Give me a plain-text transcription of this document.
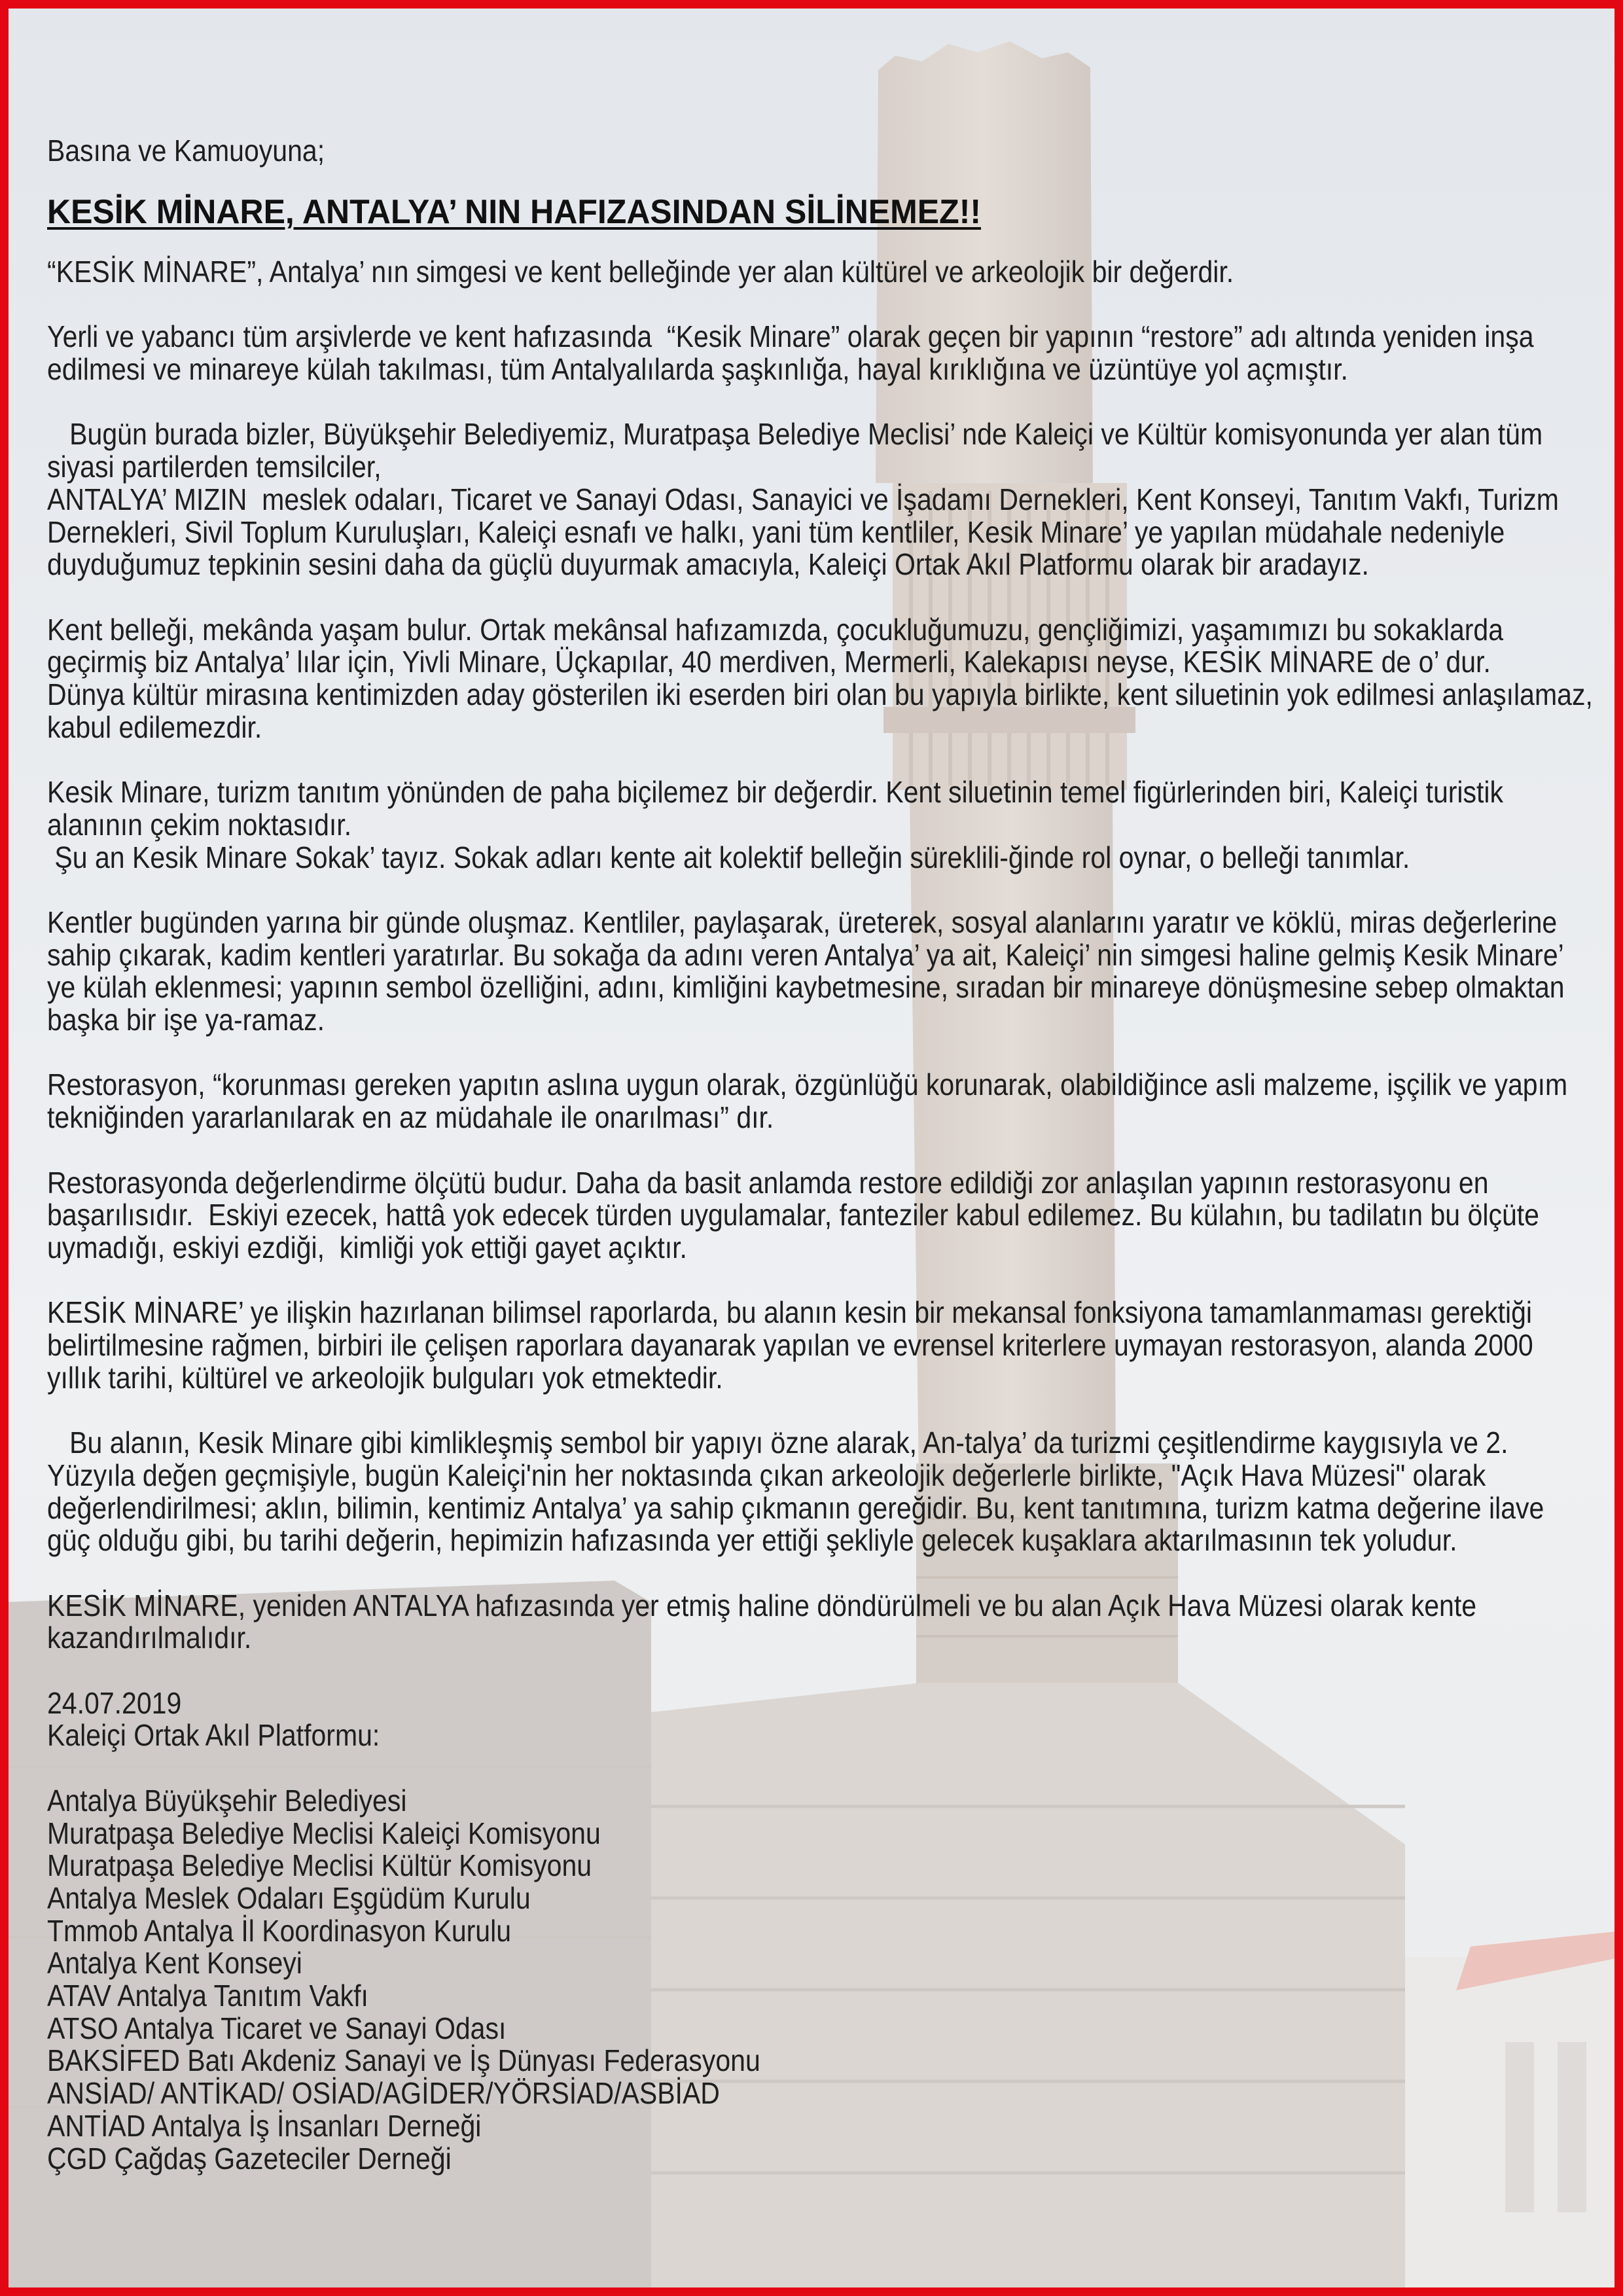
Basına ve Kamuoyuna;
KESİK MİNARE, ANTALYA’ NIN HAFIZASINDAN SİLİNEMEZ!!
“KESİK MİNARE”, Antalya’ nın simgesi ve kent belleğinde yer alan kültürel ve arkeolojik bir değerdir.
Yerli ve yabancı tüm arşivlerde ve kent hafızasında  “Kesik Minare” olarak geçen bir yapının “restore” adı altında yeniden inşa
edilmesi ve minareye külah takılması, tüm Antalyalılarda şaşkınlığa, hayal kırıklığına ve üzüntüye yol açmıştır.
Bugün burada bizler, Büyükşehir Belediyemiz, Muratpaşa Belediye Meclisi’ nde Kaleiçi ve Kültür komisyonunda yer alan tüm
siyasi partilerden temsilciler,
ANTALYA’ MIZIN  meslek odaları, Ticaret ve Sanayi Odası, Sanayici ve İşadamı Dernekleri, Kent Konseyi, Tanıtım Vakfı, Turizm
Dernekleri, Sivil Toplum Kuruluşları, Kaleiçi esnafı ve halkı, yani tüm kentliler, Kesik Minare’ ye yapılan müdahale nedeniyle
duyduğumuz tepkinin sesini daha da güçlü duyurmak amacıyla, Kaleiçi Ortak Akıl Platformu olarak bir aradayız.
Kent belleği, mekânda yaşam bulur. Ortak mekânsal hafızamızda, çocukluğumuzu, gençliğimizi, yaşamımızı bu sokaklarda
geçirmiş biz Antalya’ lılar için, Yivli Minare, Üçkapılar, 40 merdiven, Mermerli, Kalekapısı neyse, KESİK MİNARE de o’ dur.
Dünya kültür mirasına kentimizden aday gösterilen iki eserden biri olan bu yapıyla birlikte, kent siluetinin yok edilmesi anlaşılamaz,
kabul edilemezdir.
Kesik Minare, turizm tanıtım yönünden de paha biçilemez bir değerdir. Kent siluetinin temel figürlerinden biri, Kaleiçi turistik
alanının çekim noktasıdır.
Şu an Kesik Minare Sokak’ tayız. Sokak adları kente ait kolektif belleğin süreklili-ğinde rol oynar, o belleği tanımlar.
Kentler bugünden yarına bir günde oluşmaz. Kentliler, paylaşarak, üreterek, sosyal alanlarını yaratır ve köklü, miras değerlerine
sahip çıkarak, kadim kentleri yaratırlar. Bu sokağa da adını veren Antalya’ ya ait, Kaleiçi’ nin simgesi haline gelmiş Kesik Minare’
ye külah eklenmesi; yapının sembol özelliğini, adını, kimliğini kaybetmesine, sıradan bir minareye dönüşmesine sebep olmaktan
başka bir işe ya-ramaz.
Restorasyon, “korunması gereken yapıtın aslına uygun olarak, özgünlüğü korunarak, olabildiğince asli malzeme, işçilik ve yapım
tekniğinden yararlanılarak en az müdahale ile onarılması” dır.
Restorasyonda değerlendirme ölçütü budur. Daha da basit anlamda restore edildiği zor anlaşılan yapının restorasyonu en
başarılısıdır.  Eskiyi ezecek, hattâ yok edecek türden uygulamalar, fanteziler kabul edilemez. Bu külahın, bu tadilatın bu ölçüte
uymadığı, eskiyi ezdiği,  kimliği yok ettiği gayet açıktır.
KESİK MİNARE’ ye ilişkin hazırlanan bilimsel raporlarda, bu alanın kesin bir mekansal fonksiyona tamamlanmaması gerektiği
belirtilmesine rağmen, birbiri ile çelişen raporlara dayanarak yapılan ve evrensel kriterlere uymayan restorasyon, alanda 2000
yıllık tarihi, kültürel ve arkeolojik bulguları yok etmektedir.
Bu alanın, Kesik Minare gibi kimlikleşmiş sembol bir yapıyı özne alarak, An-talya’ da turizmi çeşitlendirme kaygısıyla ve 2.
Yüzyıla değen geçmişiyle, bugün Kaleiçi'nin her noktasında çıkan arkeolojik değerlerle birlikte, "Açık Hava Müzesi" olarak
değerlendirilmesi; aklın, bilimin, kentimiz Antalya’ ya sahip çıkmanın gereğidir. Bu, kent tanıtımına, turizm katma değerine ilave
güç olduğu gibi, bu tarihi değerin, hepimizin hafızasında yer ettiği şekliyle gelecek kuşaklara aktarılmasının tek yoludur.
KESİK MİNARE, yeniden ANTALYA hafızasında yer etmiş haline döndürülmeli ve bu alan Açık Hava Müzesi olarak kente
kazandırılmalıdır.
24.07.2019
Kaleiçi Ortak Akıl Platformu:
Antalya Büyükşehir Belediyesi
Muratpaşa Belediye Meclisi Kaleiçi Komisyonu
Muratpaşa Belediye Meclisi Kültür Komisyonu
Antalya Meslek Odaları Eşgüdüm Kurulu
Tmmob Antalya İl Koordinasyon Kurulu
Antalya Kent Konseyi
ATAV Antalya Tanıtım Vakfı
ATSO Antalya Ticaret ve Sanayi Odası
BAKSİFED Batı Akdeniz Sanayi ve İş Dünyası Federasyonu
ANSİAD/ ANTİKAD/ OSİAD/AGİDER/YÖRSİAD/ASBİAD
ANTİAD Antalya İş İnsanları Derneği
ÇGD Çağdaş Gazeteciler Derneği
